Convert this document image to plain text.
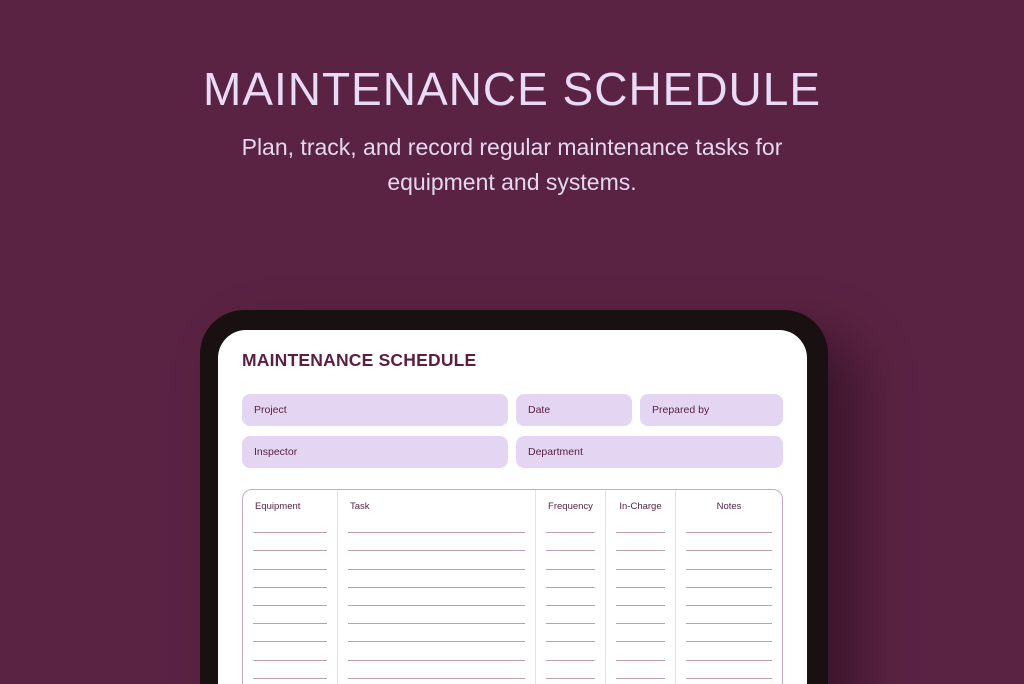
MAINTENANCE SCHEDULE

Plan, track, and record regular maintenance tasks for equipment and systems.

MAINTENANCE SCHEDULE
Project	Date	Prepared by
Inspector	Department
Equipment	Task	Frequency	In-Charge	Notes
